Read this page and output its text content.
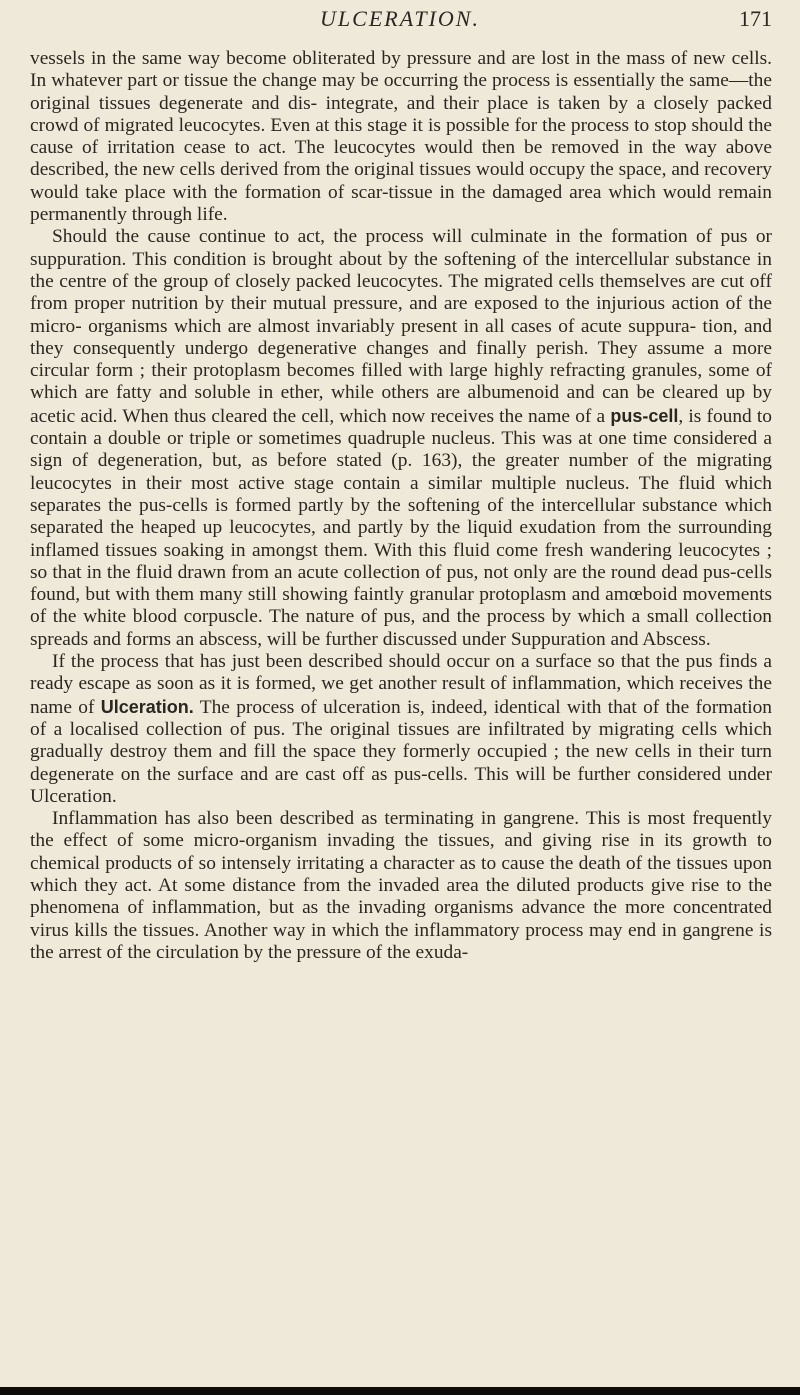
ULCERATION.	171

vessels in the same way become obliterated by pressure and are lost in the mass of new cells. In whatever part or tissue the change may be occurring the process is essentially the same—the original tissues degenerate and dis- integrate, and their place is taken by a closely packed crowd of migrated leucocytes. Even at this stage it is possible for the process to stop should the cause of irritation cease to act. The leucocytes would then be removed in the way above described, the new cells derived from the original tissues would occupy the space, and recovery would take place with the formation of scar-tissue in the damaged area which would remain permanently through life.

Should the cause continue to act, the process will culminate in the formation of pus or suppuration. This condition is brought about by the softening of the intercellular substance in the centre of the group of closely packed leucocytes. The migrated cells themselves are cut off from proper nutrition by their mutual pressure, and are exposed to the injurious action of the micro- organisms which are almost invariably present in all cases of acute suppura- tion, and they consequently undergo degenerative changes and finally perish. They assume a more circular form ; their protoplasm becomes filled with large highly refracting granules, some of which are fatty and soluble in ether, while others are albumenoid and can be cleared up by acetic acid. When thus cleared the cell, which now receives the name of a pus-cell, is found to contain a double or triple or sometimes quadruple nucleus. This was at one time considered a sign of degeneration, but, as before stated (p. 163), the greater number of the migrating leucocytes in their most active stage contain a similar multiple nucleus. The fluid which separates the pus-cells is formed partly by the softening of the intercellular substance which separated the heaped up leucocytes, and partly by the liquid exudation from the surrounding inflamed tissues soaking in amongst them. With this fluid come fresh wandering leucocytes ; so that in the fluid drawn from an acute collection of pus, not only are the round dead pus-cells found, but with them many still showing faintly granular protoplasm and amœboid movements of the white blood corpuscle. The nature of pus, and the process by which a small collection spreads and forms an abscess, will be further discussed under Suppuration and Abscess.

If the process that has just been described should occur on a surface so that the pus finds a ready escape as soon as it is formed, we get another result of inflammation, which receives the name of Ulceration. The process of ulceration is, indeed, identical with that of the formation of a localised collection of pus. The original tissues are infiltrated by migrating cells which gradually destroy them and fill the space they formerly occupied ; the new cells in their turn degenerate on the surface and are cast off as pus-cells. This will be further considered under Ulceration.

Inflammation has also been described as terminating in gangrene. This is most frequently the effect of some micro-organism invading the tissues, and giving rise in its growth to chemical products of so intensely irritating a character as to cause the death of the tissues upon which they act. At some distance from the invaded area the diluted products give rise to the phenomena of inflammation, but as the invading organisms advance the more concentrated virus kills the tissues. Another way in which the inflammatory process may end in gangrene is the arrest of the circulation by the pressure of the exuda-
